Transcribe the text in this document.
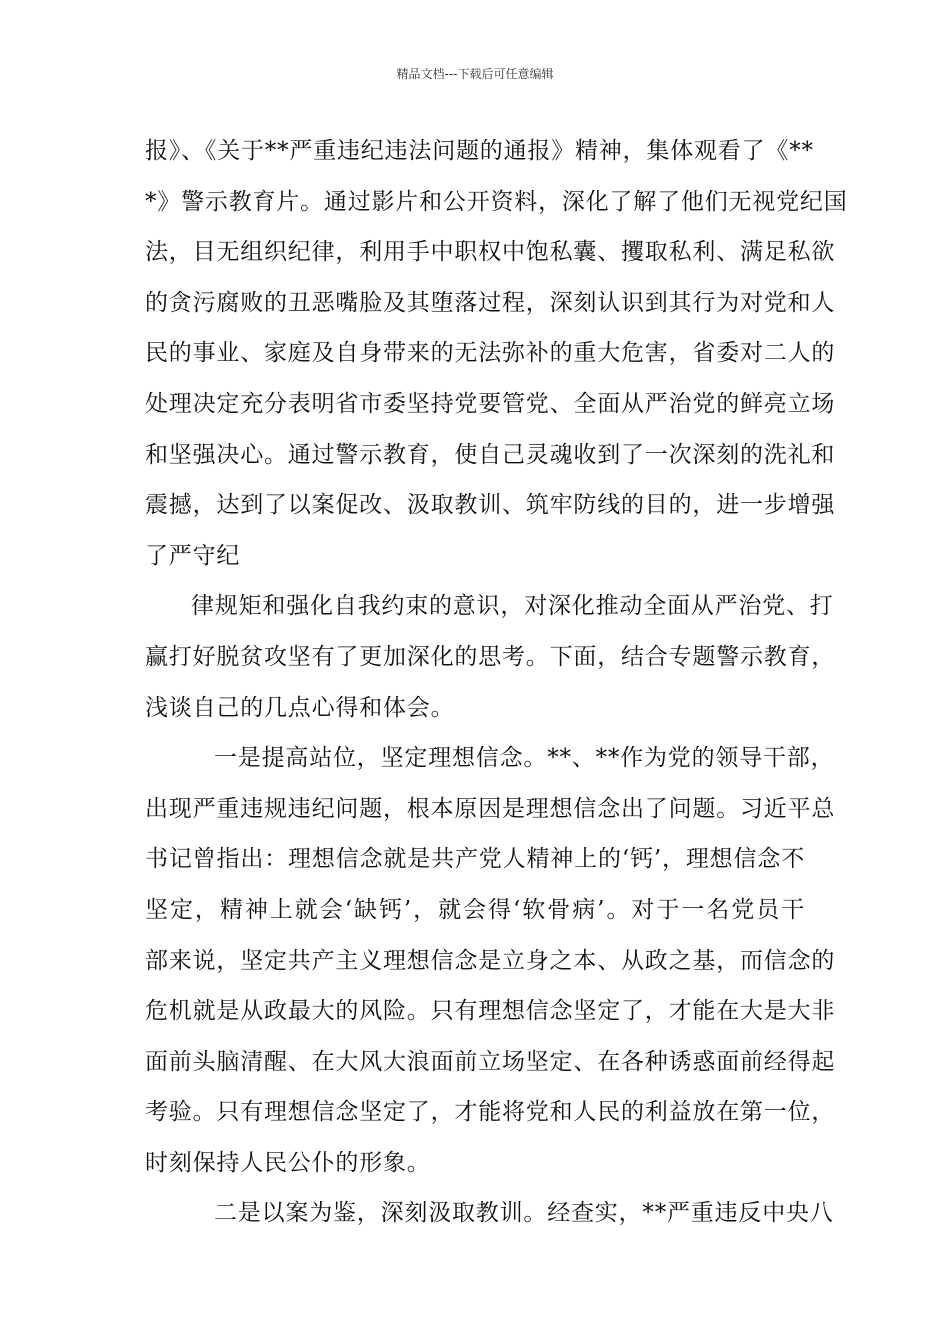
精品文档---下载后可任意编辑
报》、《关于**严重违纪违法问题的通报》精神，集体观看了《**
*》警示教育片。通过影片和公开资料，深化了解了他们无视党纪国
法，目无组织纪律，利用手中职权中饱私囊、攫取私利、满足私欲
的贪污腐败的丑恶嘴脸及其堕落过程，深刻认识到其行为对党和人
民的事业、家庭及自身带来的无法弥补的重大危害，省委对二人的
处理决定充分表明省市委坚持党要管党、全面从严治党的鲜亮立场
和坚强决心。通过警示教育，使自己灵魂收到了一次深刻的洗礼和
震撼，达到了以案促改、汲取教训、筑牢防线的目的，进一步增强
了严守纪
律规矩和强化自我约束的意识，对深化推动全面从严治党、打
赢打好脱贫攻坚有了更加深化的思考。下面，结合专题警示教育，
浅谈自己的几点心得和体会。
一是提高站位，坚定理想信念。**、**作为党的领导干部，
出现严重违规违纪问题，根本原因是理想信念出了问题。习近平总
书记曾指出：理想信念就是共产党人精神上的‘钙’，理想信念不
坚定，精神上就会‘缺钙’，就会得‘软骨病’。对于一名党员干
部来说，坚定共产主义理想信念是立身之本、从政之基，而信念的
危机就是从政最大的风险。只有理想信念坚定了，才能在大是大非
面前头脑清醒、在大风大浪面前立场坚定、在各种诱惑面前经得起
考验。只有理想信念坚定了，才能将党和人民的利益放在第一位，
时刻保持人民公仆的形象。
二是以案为鉴，深刻汲取教训。经查实，**严重违反中央八
